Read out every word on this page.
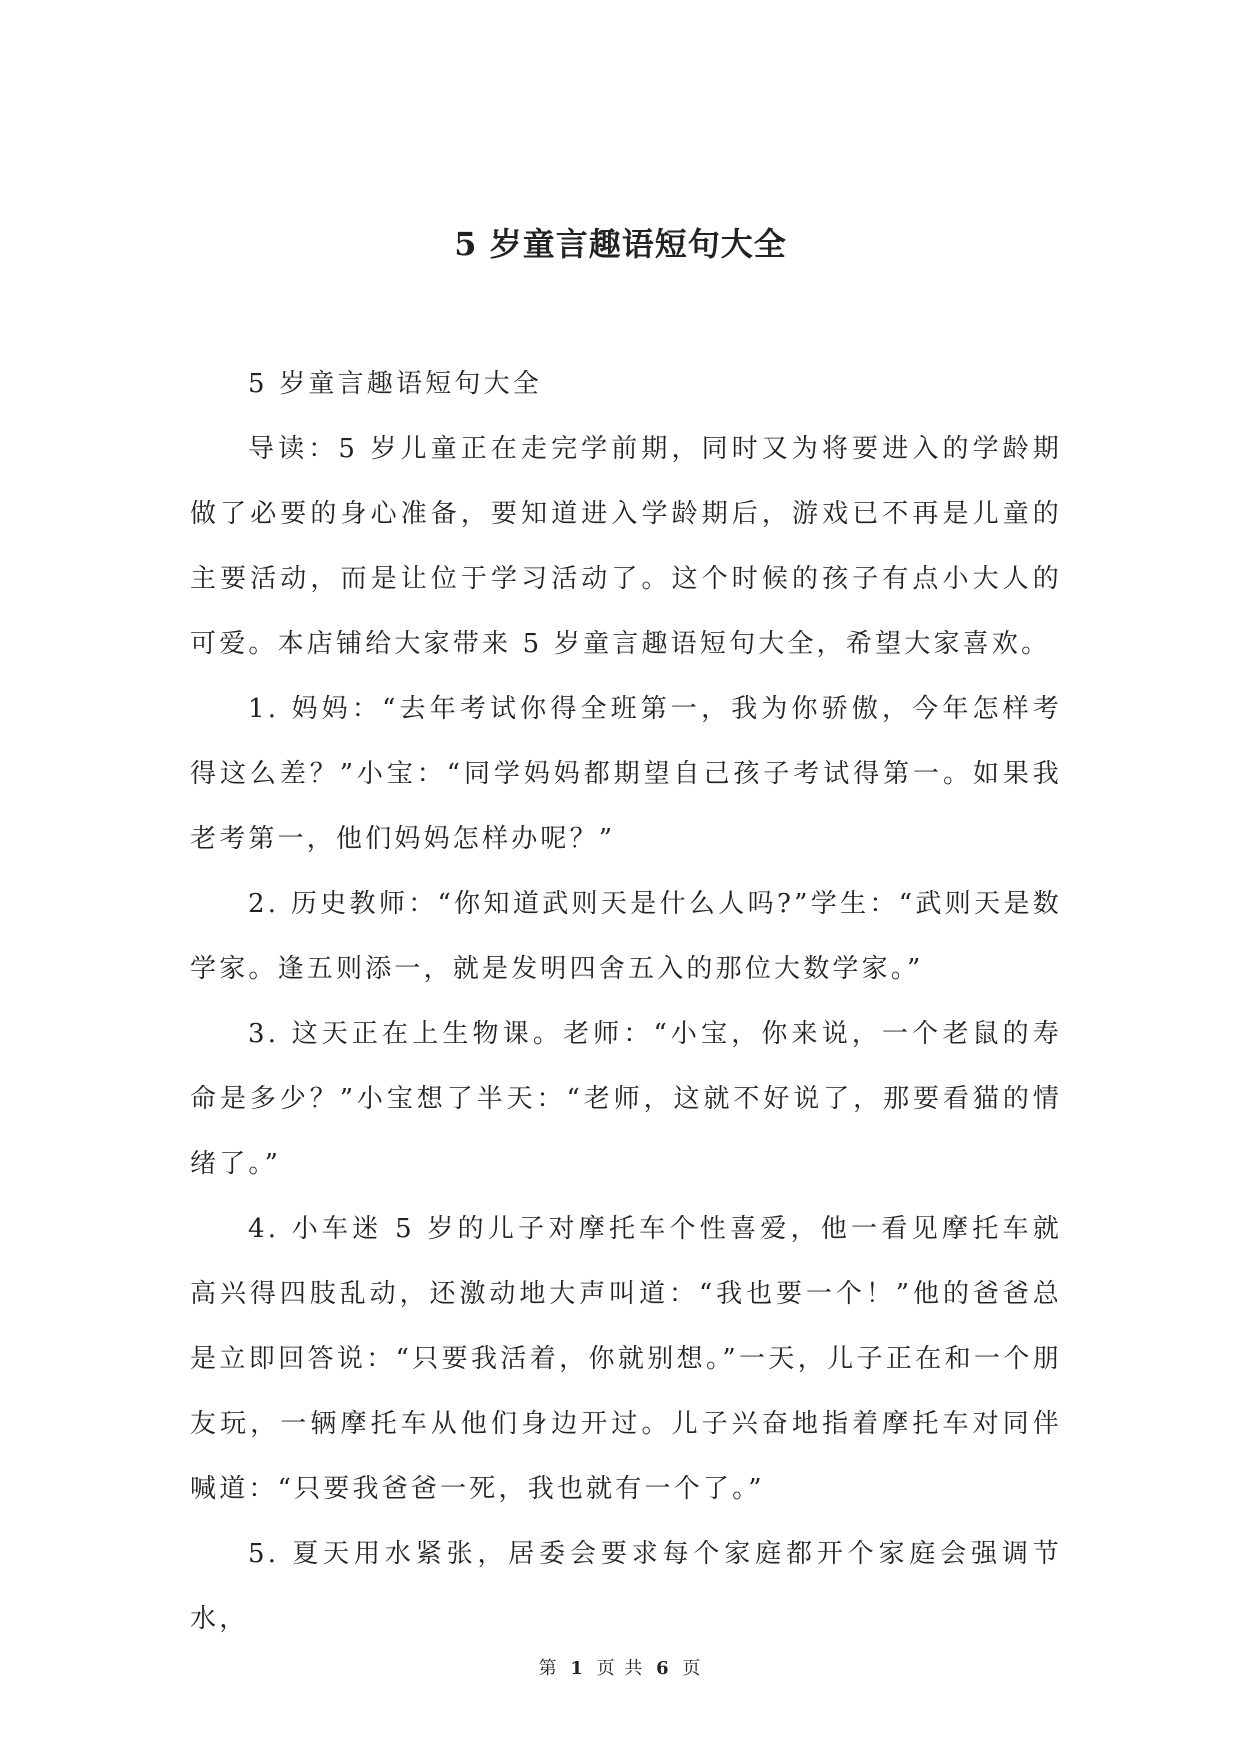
5 岁童言趣语短句大全

5 岁童言趣语短句大全

导读：5 岁儿童正在走完学前期，同时又为将要进入的学龄期做了必要的身心准备，要知道进入学龄期后，游戏已不再是儿童的主要活动，而是让位于学习活动了。这个时候的孩子有点小大人的可爱。本店铺给大家带来 5 岁童言趣语短句大全，希望大家喜欢。

1. 妈妈：“去年考试你得全班第一，我为你骄傲，今年怎样考得这么差？”小宝：“同学妈妈都期望自己孩子考试得第一。如果我老考第一，他们妈妈怎样办呢？”

2. 历史教师：“你知道武则天是什么人吗?”学生：“武则天是数学家。逢五则添一，就是发明四舍五入的那位大数学家。”

3. 这天正在上生物课。老师：“小宝，你来说，一个老鼠的寿命是多少？”小宝想了半天：“老师，这就不好说了，那要看猫的情绪了。”

4. 小车迷 5 岁的儿子对摩托车个性喜爱，他一看见摩托车就高兴得四肢乱动，还激动地大声叫道：“我也要一个！”他的爸爸总是立即回答说：“只要我活着，你就别想。”一天，儿子正在和一个朋友玩，一辆摩托车从他们身边开过。儿子兴奋地指着摩托车对同伴喊道：“只要我爸爸一死，我也就有一个了。”

5. 夏天用水紧张，居委会要求每个家庭都开个家庭会强调节水，

第 1 页 共 6 页
